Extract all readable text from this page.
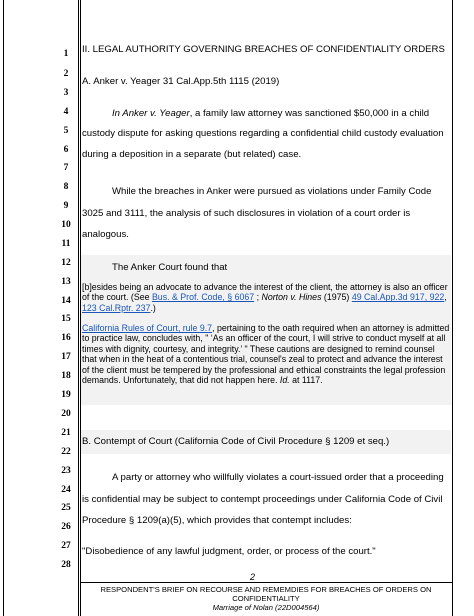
1
2
3
4
5
6
7
8
9
10
11
12
13
14
15
16
17
18
19
20
21
22
23
24
25
26
27
28
II. LEGAL AUTHORITY GOVERNING BREACHES OF CONFIDENTIALITY ORDERS
A. Anker v. Yeager 31 Cal.App.5th 1115 (2019)
In Anker v. Yeager, a family law attorney was sanctioned $50,000 in a child
custody dispute for asking questions regarding a confidential child custody evaluation
during a deposition in a separate (but related) case.
While the breaches in Anker were pursued as violations under Family Code
3025 and 3111, the analysis of such disclosures in violation of a court order is
analogous.
The Anker Court found that
[b]esides being an advocate to advance the interest of the client, the attorney is also an officer of the court. (See Bus. & Prof. Code, § 6067 ; Norton v. Hines (1975) 49 Cal.App.3d 917, 922, 123 Cal.Rptr. 237.)
California Rules of Court, rule 9.7, pertaining to the oath required when an attorney is admitted to practice law, concludes with, " ‘As an officer of the court, I will strive to conduct myself at all times with dignity, courtesy, and integrity.’ " These cautions are designed to remind counsel that when in the heat of a contentious trial, counsel's zeal to protect and advance the interest of the client must be tempered by the professional and ethical constraints the legal profession demands. Unfortunately, that did not happen here. Id. at 1117.
B. Contempt of Court (California Code of Civil Procedure § 1209 et seq.)
A party or attorney who willfully violates a court-issued order that a proceeding
is confidential may be subject to contempt proceedings under California Code of Civil
Procedure § 1209(a)(5), which provides that contempt includes:
"Disobedience of any lawful judgment, order, or process of the court."
2
RESPONDENT'S BRIEF ON RECOURSE AND REMEMDIES FOR BREACHES OF ORDERS ON
CONFIDENTIALITY
Marriage of Nolan (22D004564)
